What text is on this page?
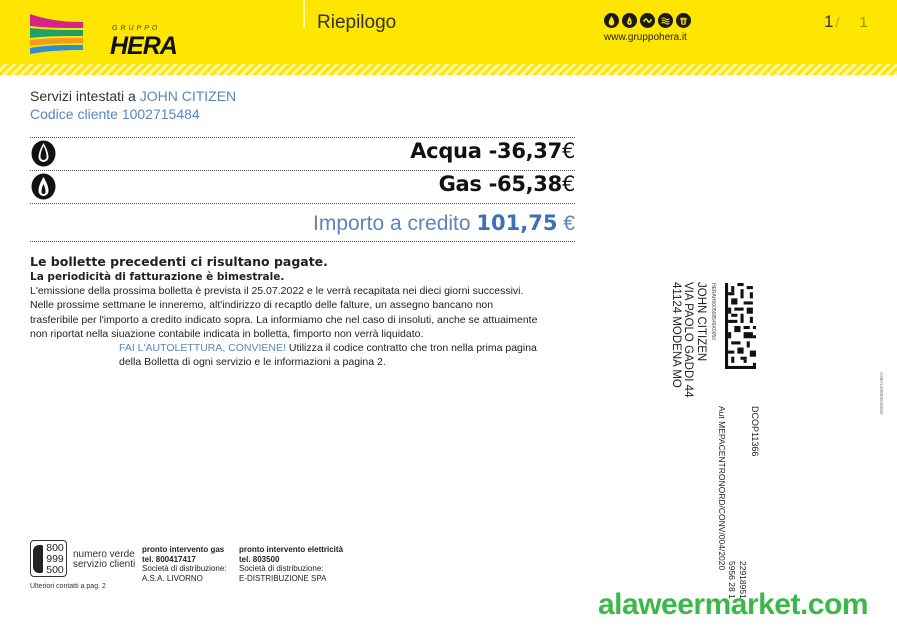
GRUPPO
HERA
Riepilogo
www.gruppohera.it
1 / 1
Servizi intestati a JOHN CITIZEN
Codice cliente 1002715484
Acqua -36,37€
Gas -65,38€
Importo a credito 101,75 €
Le bollette precedenti ci risultano pagate.
La periodicità di fatturazione è bimestrale.
L'emissione della prossima bolletta è prevista il 25.07.2022 e le verrà recapitata nei dieci giorni successivi.
Nelle prossime settmane le inneremo, alt'indirizzo di recaptlo delle falture, un assegno bancano non trasferibile per l'importo a credito indicato sopra. La informiamo che nel caso di insoluti, anche se attuaimente non riportat nella siuazione contabile indicata in bolletta, fimporto non verrà liquidato.
FAI L'AUTOLETTURA, CONVIENE! Utilizza il codice contratto che tron nella prima pagina della Bolletta di ogni servizio e le informazioni a pagina 2.
JOHN CITIZEN
VIA PAOLO GADDI 44
41124 MODENA MO	HERAH000508549X0050
DCOP11366
Aut MEPACENTRONORD/CONV/004/2020
22918951
5956 28 1
H38H1600B3649B50
800
999
500
numero verde
servizio clienti
Ulteriori contatti a pag. 2
pronto intervento gas
tel. 800417417
Società di distribuzione:
A.S.A. LIVORNO
pronto intervento elettricità
tel. 803500
Società di distribuzione:
E-DISTRIBUZIONE SPA
alaweermarket.com
